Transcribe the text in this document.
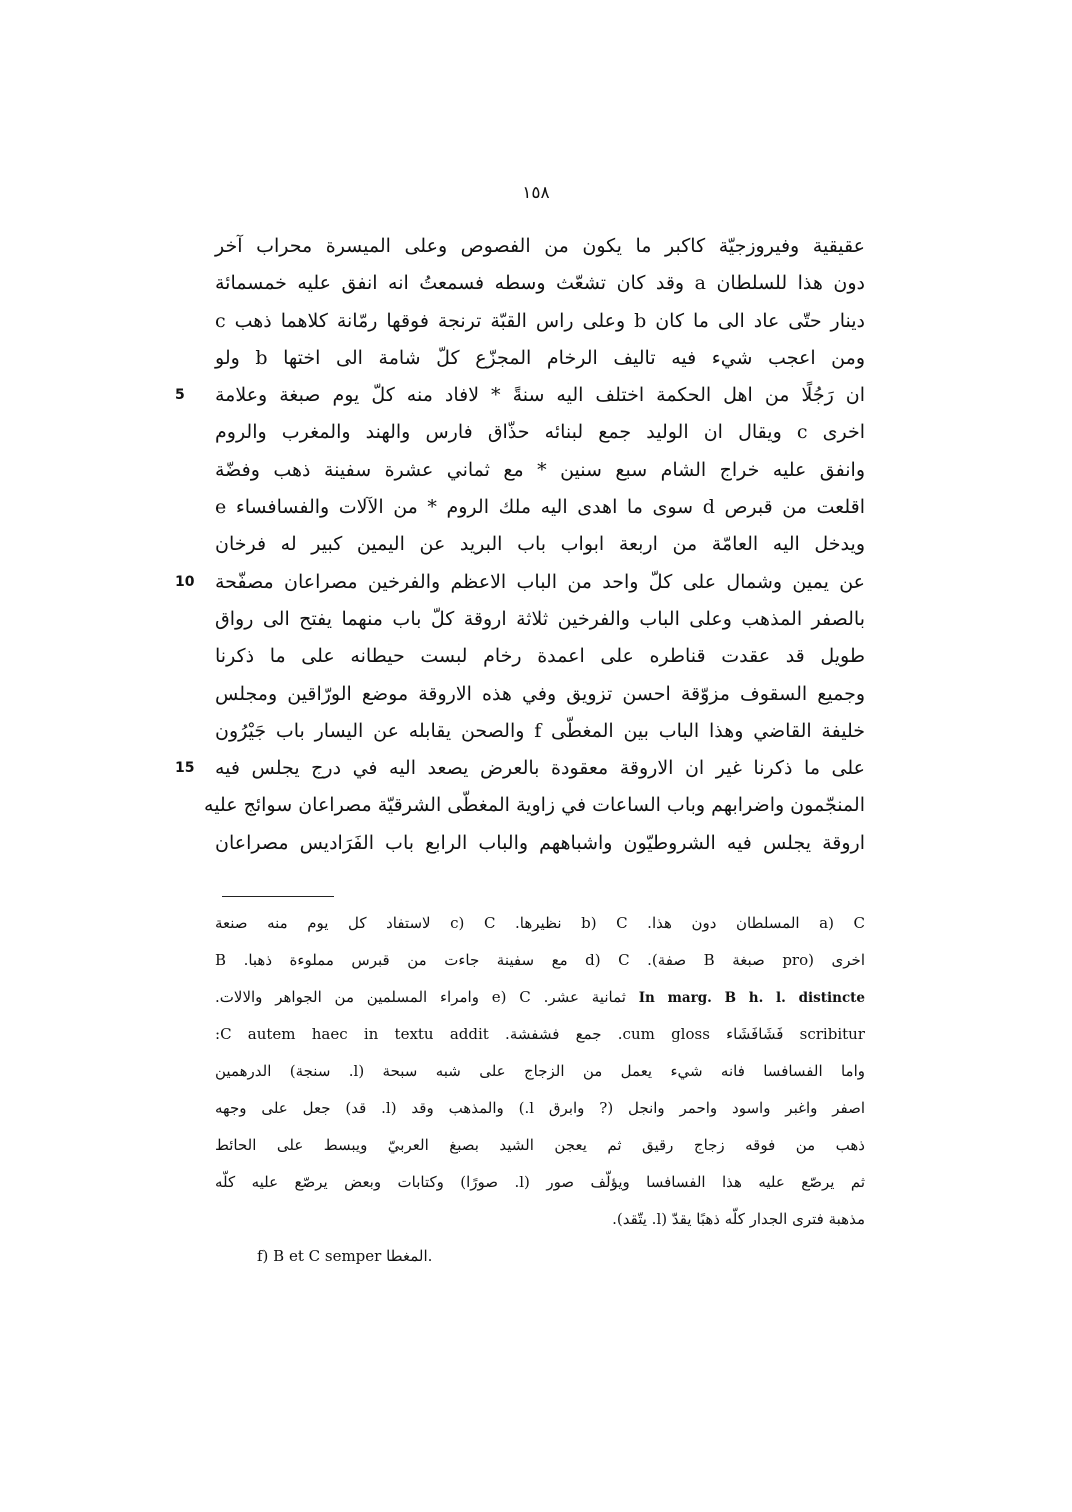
١٥٨
عقيقية وفيروزجيّة كاكبر ما يكون من الفصوص وعلى الميسرة محراب آخر
دون هذا للسلطان a وقد كان تشعّث وسطه فسمعتُ انه انفق عليه خمسمائة
دينار حتّى عاد الى ما كان b وعلى راس القبّة ترنجة فوقها رمّانة كلاهما ذهب c
ومن اعجب شيء فيه تاليف الرخام المجزّع كلّ شامة الى اختها b ولو
ان رَجُلًا من اهل الحكمة اختلف اليه سنةً * لافاد منه كلّ يوم صبغة وعلامة
5
اخرى c ويقال ان الوليد جمع لبنائه حذّاق فارس والهند والمغرب والروم
وانفق عليه خراج الشام سبع سنين * مع ثماني عشرة سفينة ذهب وفضّة
اقلعت من قبرص d سوى ما اهدى اليه ملك الروم * من الآلات والفسافساء e
ويدخل اليه العامّة من اربعة ابواب باب البريد عن اليمين كبير له فرخان
عن يمين وشمال على كلّ واحد من الباب الاعظم والفرخين مصراعان مصفّحة
10
بالصفر المذهب وعلى الباب والفرخين ثلاثة اروقة كلّ باب منهما يفتح الى رواق
طويل قد عقدت قناطره على اعمدة رخام لبست حيطانه على ما ذكرنا
وجميع السقوف مزوّقة احسن تزويق وفي هذه الاروقة موضع الورّاقين ومجلس
خليفة القاضي وهذا الباب بين المغطّى f والصحن يقابله عن اليسار باب جَيْرُون
على ما ذكرنا غير ان الاروقة معقودة بالعرض يصعد اليه في درج يجلس فيه
15
المنجّمون واضرابهم وباب الساعات في زاوية المغطّى الشرقيّة مصراعان سوائج عليه
اروقة يجلس فيه الشروطيّون واشباههم والباب الرابع باب الفَرَاديس مصراعان
a) C المسلطان دون هذا. b) C نظيرها. c) C لاستفاد كل يوم منه صنعة
اخرى (pro صبغة B صفة). d) C مع سفينة جاءت من قبرس مملوءة ذهبا. B
In marg. B h. l. distincte ثمانية عشر. e) C وامراء المسلمين من الجواهر والالات.
scribitur فَشَافَشَاء cum gloss. جمع فشفشة. C autem haec in textu addit:
واما الفسافسا فانه شيء يعمل من الزجاج على شبه سبحة (l. سنجة) الدرهمين
اصفر واغبر واسود واحمر وانجل (? وابرق l.) والمذهب وقد (l. قد) جعل على وجهه
ذهب من فوقه زجاج رقيق ثم يعجن الشيد بصبغ العربيّ ويبسط على الحائط
ثم يرصّع عليه هذا الفسافسا ويؤلّف صور (l. صورًا) وكتابات وبعض يرصّع عليه كلّه
مذهبة فترى الجدار كلّه ذهبًا يقدّ (l. يتّقد).
f) B et C semper المغطا.
